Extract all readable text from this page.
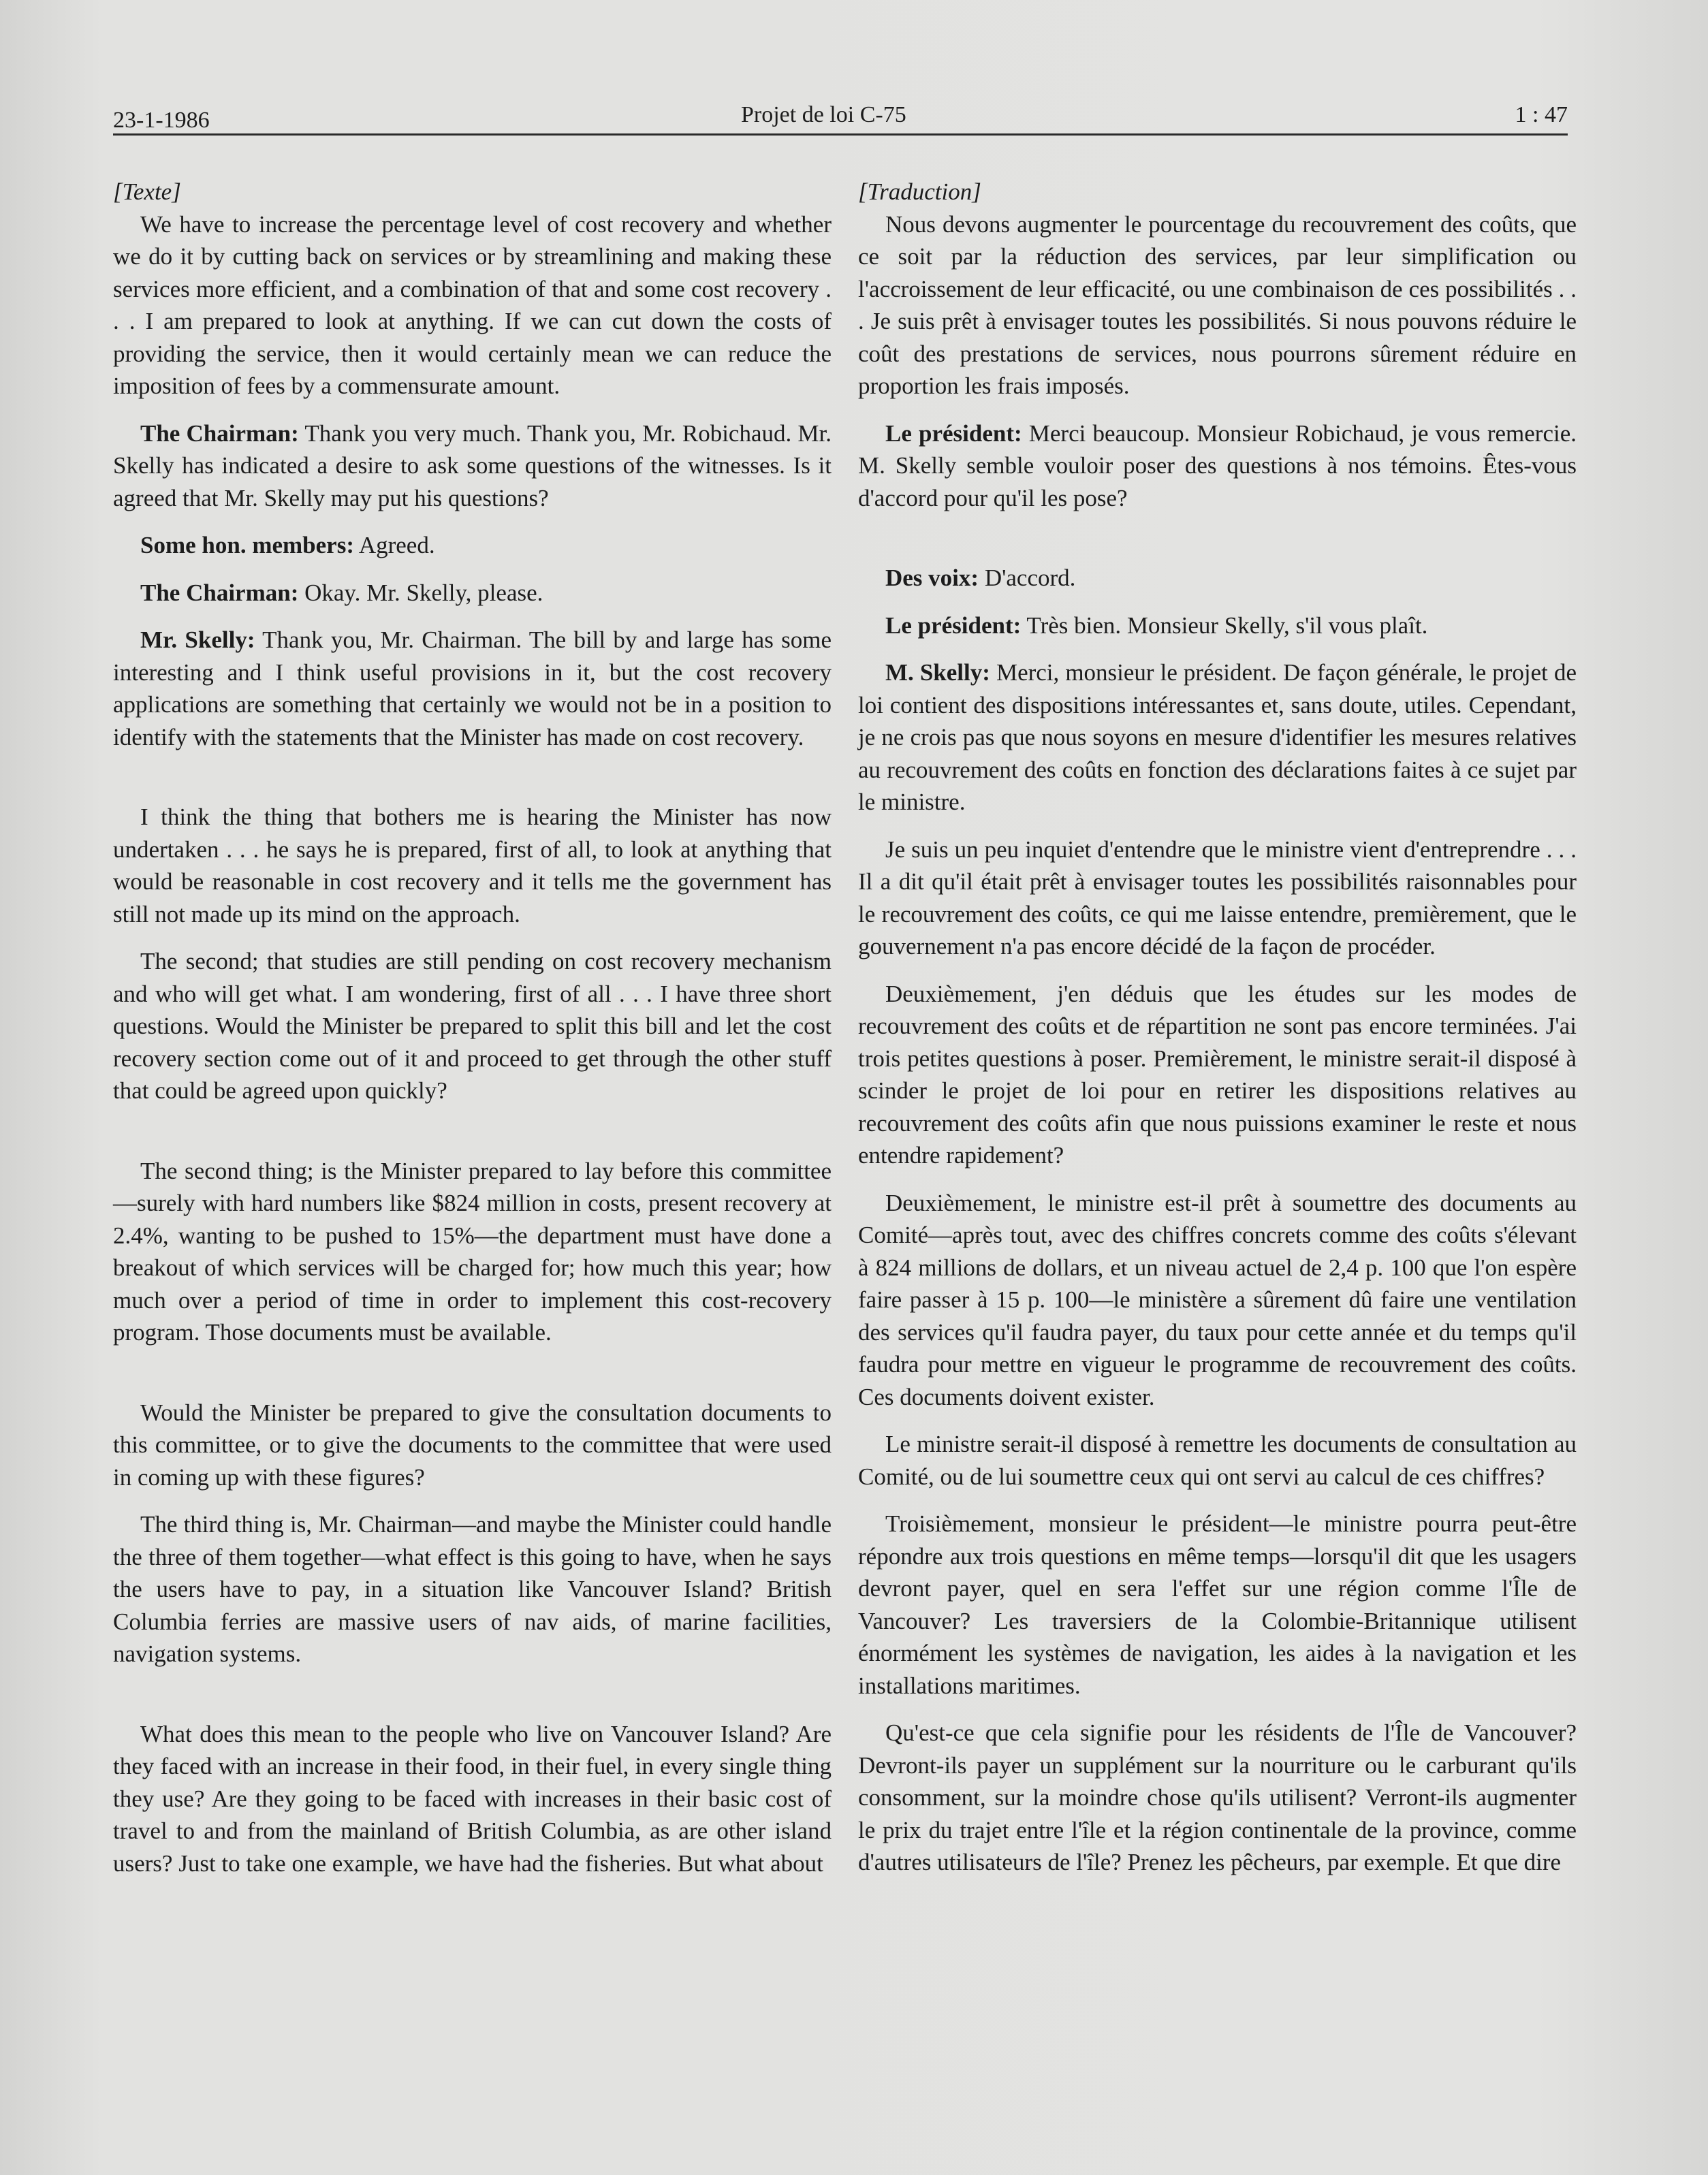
23-1-1986	Projet de loi C-75	1 : 47

[Texte]

We have to increase the percentage level of cost recovery and whether we do it by cutting back on services or by streamlining and making these services more efficient, and a combination of that and some cost recovery . . . I am prepared to look at anything. If we can cut down the costs of providing the service, then it would certainly mean we can reduce the imposition of fees by a commensurate amount.

The Chairman: Thank you very much. Thank you, Mr. Robichaud. Mr. Skelly has indicated a desire to ask some questions of the witnesses. Is it agreed that Mr. Skelly may put his questions?

Some hon. members: Agreed.

The Chairman: Okay. Mr. Skelly, please.

Mr. Skelly: Thank you, Mr. Chairman. The bill by and large has some interesting and I think useful provisions in it, but the cost recovery applications are something that certainly we would not be in a position to identify with the statements that the Minister has made on cost recovery.

I think the thing that bothers me is hearing the Minister has now undertaken . . . he says he is prepared, first of all, to look at anything that would be reasonable in cost recovery and it tells me the government has still not made up its mind on the approach.

The second; that studies are still pending on cost recovery mechanism and who will get what. I am wondering, first of all . . . I have three short questions. Would the Minister be prepared to split this bill and let the cost recovery section come out of it and proceed to get through the other stuff that could be agreed upon quickly?

The second thing; is the Minister prepared to lay before this committee—surely with hard numbers like $824 million in costs, present recovery at 2.4%, wanting to be pushed to 15%—the department must have done a breakout of which services will be charged for; how much this year; how much over a period of time in order to implement this cost-recovery program. Those documents must be available.

Would the Minister be prepared to give the consultation documents to this committee, or to give the documents to the committee that were used in coming up with these figures?

The third thing is, Mr. Chairman—and maybe the Minister could handle the three of them together—what effect is this going to have, when he says the users have to pay, in a situation like Vancouver Island? British Columbia ferries are massive users of nav aids, of marine facilities, navigation systems.

What does this mean to the people who live on Vancouver Island? Are they faced with an increase in their food, in their fuel, in every single thing they use? Are they going to be faced with increases in their basic cost of travel to and from the mainland of British Columbia, as are other island users? Just to take one example, we have had the fisheries. But what about

[Traduction]

Nous devons augmenter le pourcentage du recouvrement des coûts, que ce soit par la réduction des services, par leur simplification ou l'accroissement de leur efficacité, ou une combinaison de ces possibilités . . . Je suis prêt à envisager toutes les possibilités. Si nous pouvons réduire le coût des prestations de services, nous pourrons sûrement réduire en proportion les frais imposés.

Le président: Merci beaucoup. Monsieur Robichaud, je vous remercie. M. Skelly semble vouloir poser des questions à nos témoins. Êtes-vous d'accord pour qu'il les pose?

Des voix: D'accord.

Le président: Très bien. Monsieur Skelly, s'il vous plaît.

M. Skelly: Merci, monsieur le président. De façon générale, le projet de loi contient des dispositions intéressantes et, sans doute, utiles. Cependant, je ne crois pas que nous soyons en mesure d'identifier les mesures relatives au recouvrement des coûts en fonction des déclarations faites à ce sujet par le ministre.

Je suis un peu inquiet d'entendre que le ministre vient d'entreprendre . . . Il a dit qu'il était prêt à envisager toutes les possibilités raisonnables pour le recouvrement des coûts, ce qui me laisse entendre, premièrement, que le gouvernement n'a pas encore décidé de la façon de procéder.

Deuxièmement, j'en déduis que les études sur les modes de recouvrement des coûts et de répartition ne sont pas encore terminées. J'ai trois petites questions à poser. Premièrement, le ministre serait-il disposé à scinder le projet de loi pour en retirer les dispositions relatives au recouvrement des coûts afin que nous puissions examiner le reste et nous entendre rapidement?

Deuxièmement, le ministre est-il prêt à soumettre des documents au Comité—après tout, avec des chiffres concrets comme des coûts s'élevant à 824 millions de dollars, et un niveau actuel de 2,4 p. 100 que l'on espère faire passer à 15 p. 100—le ministère a sûrement dû faire une ventilation des services qu'il faudra payer, du taux pour cette année et du temps qu'il faudra pour mettre en vigueur le programme de recouvrement des coûts. Ces documents doivent exister.

Le ministre serait-il disposé à remettre les documents de consultation au Comité, ou de lui soumettre ceux qui ont servi au calcul de ces chiffres?

Troisièmement, monsieur le président—le ministre pourra peut-être répondre aux trois questions en même temps—lorsqu'il dit que les usagers devront payer, quel en sera l'effet sur une région comme l'Île de Vancouver? Les traversiers de la Colombie-Britannique utilisent énormément les systèmes de navigation, les aides à la navigation et les installations maritimes.

Qu'est-ce que cela signifie pour les résidents de l'Île de Vancouver? Devront-ils payer un supplément sur la nourriture ou le carburant qu'ils consomment, sur la moindre chose qu'ils utilisent? Verront-ils augmenter le prix du trajet entre l'île et la région continentale de la province, comme d'autres utilisateurs de l'île? Prenez les pêcheurs, par exemple. Et que dire
